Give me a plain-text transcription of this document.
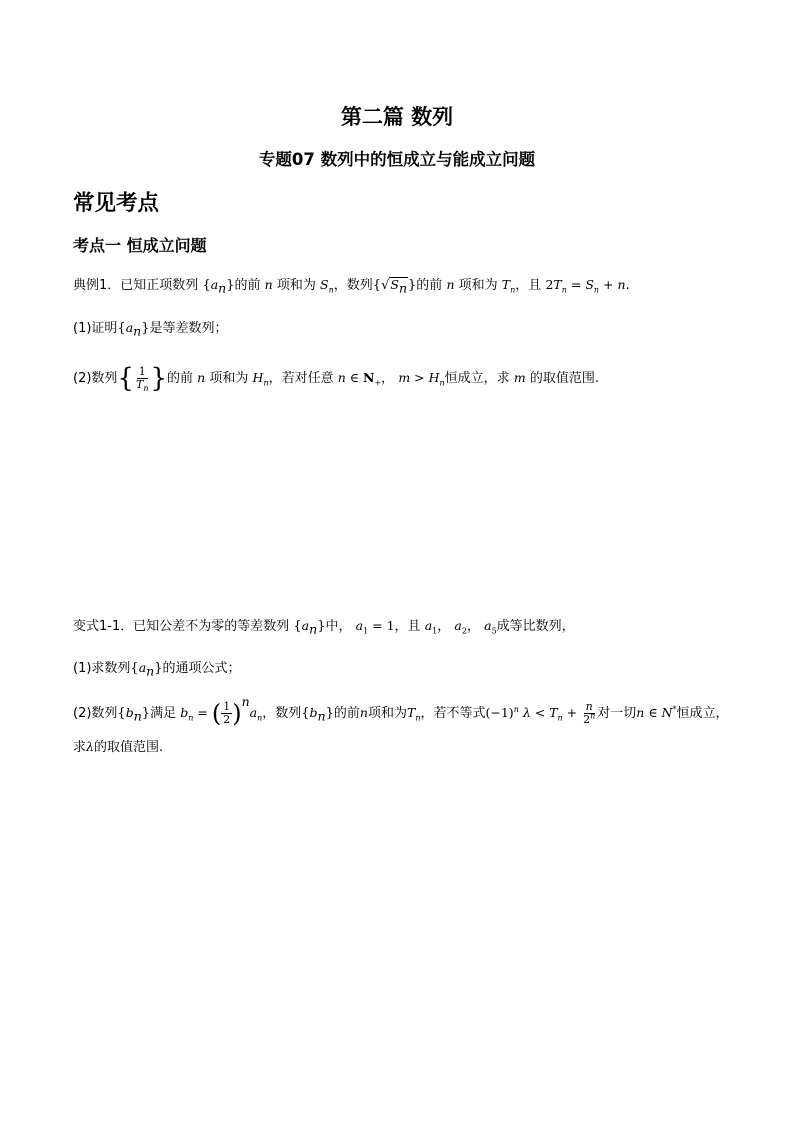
第二篇 数列
专题07 数列中的恒成立与能成立问题
常见考点
考点一 恒成立问题
典例1．已知正项数列 $\{a_n\}$的前 n 项和为 $S_n$，数列$\{√S_n\}$的前 n 项和为 $T_n$，且 $2T_n = S_n + n$.
(1)证明$\{a_n\}$是等差数列；
(2)数列{ $\frac{1}{T_n}$ }的前 n 项和为 $H_n$，若对任意 n ∈ $N_+$， $m > H_n$恒成立，求 m 的取值范围.
变式1-1．已知公差不为零的等差数列 $\{a_n\}$中， $a_1 = 1$，且 $a_1$， $a_2$， $a_5$成等比数列，
(1)求数列$\{a_n\}$的通项公式；
(2)数列$\{b_n\}$满足 $b_n$ = ( $\frac{1}{2} )^na_n$，数列$\{b_n\}$的前n项和为$T_n$，若不等式$(-1)^n$ $\lambda < T_n + \frac{n}{2^n}$ 对一切n ∈ N*恒成立，
求λ的取值范围.
